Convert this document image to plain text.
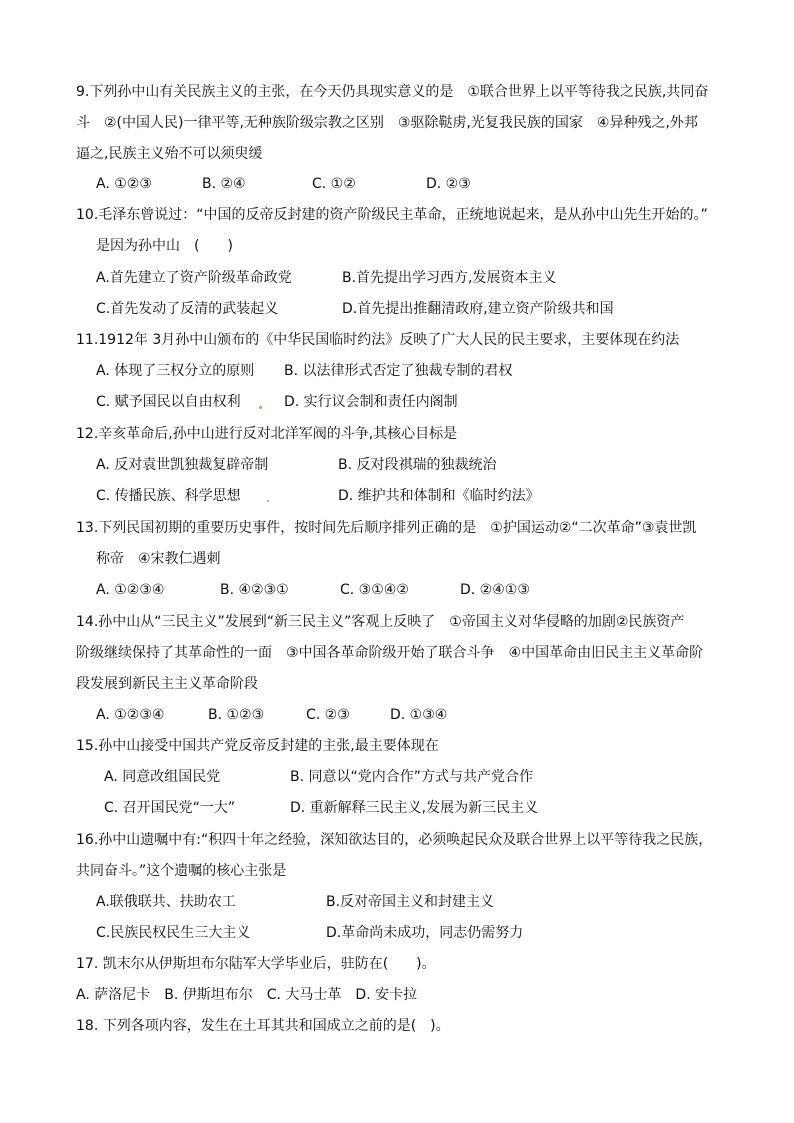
9.下列孙中山有关民族主义的主张，在今天仍具现实意义的是　①联合世界上以平等待我之民族,共同奋
斗　②(中国人民)一律平等,无种族阶级宗教之区别　③驱除鞑虏,光复我民族的国家　④异种残之,外邦
逼之,民族主义殆不可以须臾缓
A. ①②③	B. ②④	C. ①②	D. ②③
10.毛泽东曾说过：“中国的反帝反封建的资产阶级民主革命，正统地说起来，是从孙中山先生开始的。”
是因为孙中山　(　　)
A.首先建立了资产阶级革命政党	B.首先提出学习西方,发展资本主义
C.首先发动了反清的武装起义	D.首先提出推翻清政府,建立资产阶级共和国
11.1912年 3月孙中山颁布的《中华民国临时约法》反映了广大人民的民主要求，主要体现在约法
A. 体现了三权分立的原则 B. 以法律形式否定了独裁专制的君权
C. 赋予国民以自由权利	D. 实行议会制和责任内阁制
12.辛亥革命后,孙中山进行反对北洋军阀的斗争,其核心目标是
A. 反对袁世凯独裁复辟帝制	B. 反对段祺瑞的独裁统治
C. 传播民族、科学思想	D. 维护共和体制和《临时约法》
13.下列民国初期的重要历史事件，按时间先后顺序排列正确的是　①护国运动②“二次革命”③袁世凯
称帝　④宋教仁遇刺
A. ①②③④	B. ④②③①	C. ③①④②	D. ②④①③
14.孙中山从“三民主义”发展到“新三民主义”客观上反映了　①帝国主义对华侵略的加剧②民族资产
阶级继续保持了其革命性的一面　③中国各革命阶级开始了联合斗争　④中国革命由旧民主主义革命阶
段发展到新民主主义革命阶段
A. ①②③④	B. ①②③	C. ②③	D. ①③④
15.孙中山接受中国共产党反帝反封建的主张,最主要体现在
A. 同意改组国民党	B. 同意以“党内合作”方式与共产党合作
C. 召开国民党“一大”	D. 重新解释三民主义,发展为新三民主义
16.孙中山遗嘱中有:“积四十年之经验，深知欲达目的，必须唤起民众及联合世界上以平等待我之民族，
共同奋斗。”这个遗嘱的核心主张是
A.联俄联共、扶助农工	B.反对帝国主义和封建主义
C.民族民权民生三大主义	D.革命尚未成功，同志仍需努力
17. 凯末尔从伊斯坦布尔陆军大学毕业后，驻防在(　　)。
A. 萨洛尼卡　B. 伊斯坦布尔　C. 大马士革　D. 安卡拉
18. 下列各项内容，发生在土耳其共和国成立之前的是(　)。
